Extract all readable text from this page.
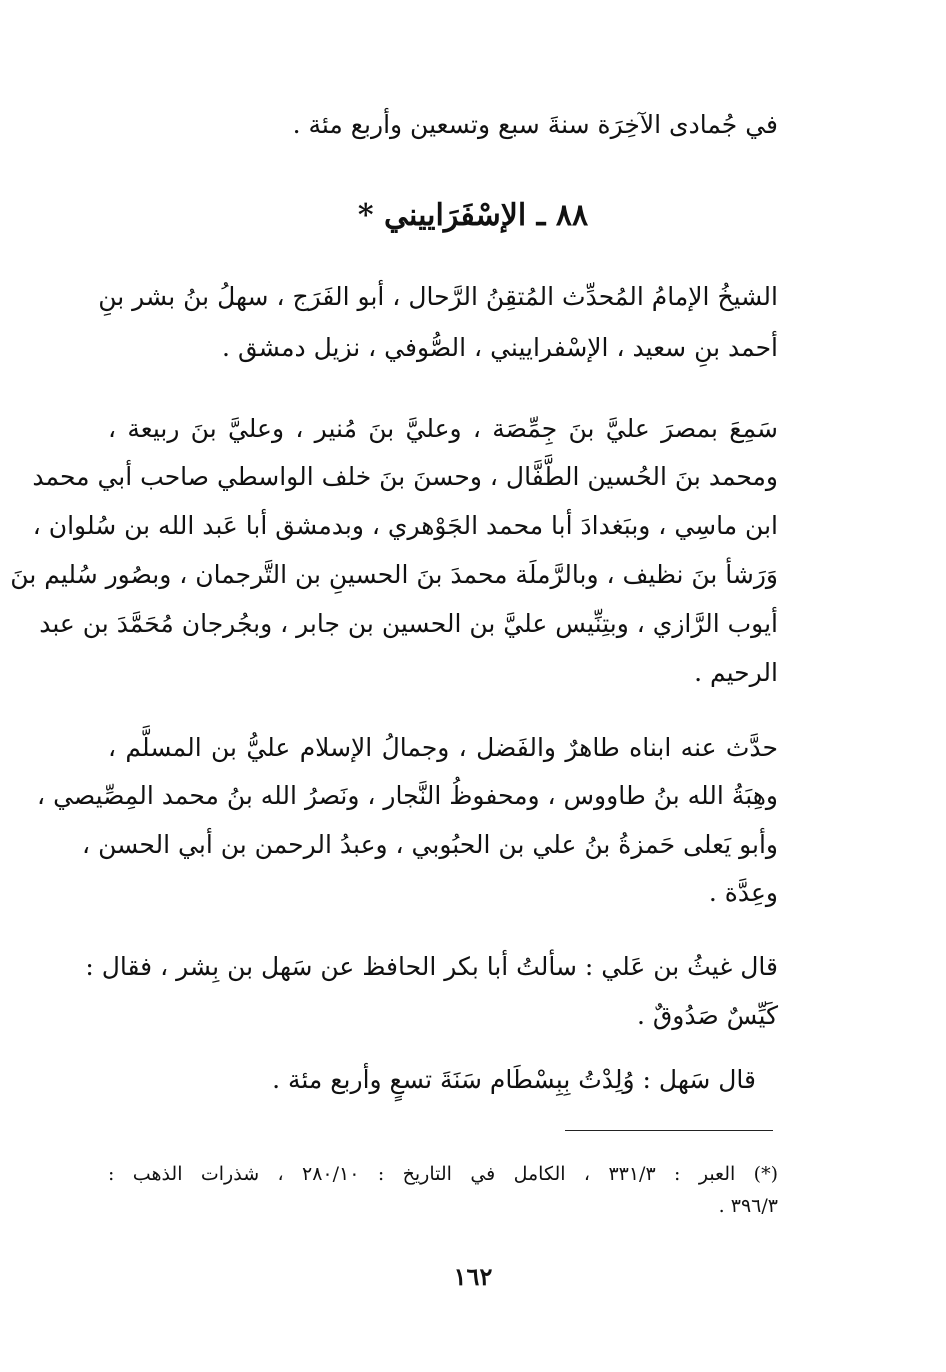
في جُمادى الآخِرَة سنةَ سبع وتسعين وأربع مئة .
٨٨ ـ الإسْفَرَاييني *
الشيخُ الإمامُ المُحدِّث المُتقِنُ الرَّحال ، أبو الفَرَج ، سهلُ بنُ بشر بنِ
أحمد بنِ سعيد ، الإسْفراييني ، الصُّوفي ، نزيل دمشق .
سَمِعَ بمصرَ عليَّ بنَ جِمِّصَة ، وعليَّ بنَ مُنير ، وعليَّ بنَ ربيعة ،
ومحمد بنَ الحُسين الطَّفَّال ، وحسنَ بنَ خلف الواسطي صاحب أبي محمد
ابن ماسِي ، وببَغدادَ أبا محمد الجَوْهري ، وبدمشق أبا عَبد الله بن سُلوان ،
وَرَشأ بنَ نظيف ، وبالرَّملَة محمدَ بنَ الحسينِ بن التَّرجمان ، وبصُور سُليم بنَ
أيوب الرَّازي ، وبتِنِّيس عليَّ بن الحسين بن جابر ، وبجُرجان مُحَمَّدَ بن عبد
الرحيم .
حدَّث عنه ابناه طاهرٌ والفَضل ، وجمالُ الإسلام عليُّ بن المسلَّم ،
وهِبَةُ الله بنُ طاووس ، ومحفوظُ النَّجار ، ونَصرُ الله بنُ محمد المِصِّيصي ،
وأبو يَعلى حَمزةُ بنُ علي بن الحبُوبي ، وعبدُ الرحمن بن أبي الحسن ،
وعِدَّة .
قال غيثُ بن عَلي : سألتُ أبا بكر الحافظ عن سَهل بن بِشر ، فقال :
كَيِّسٌ صَدُوقٌ .
قال سَهل : وُلِدْتُ بِبِسْطَام سَنَةَ تسعٍ وأربع مئة .
(*) العبر : ٣٣١/٣ ، الكامل في التاريخ : ٢٨٠/١٠ ، شذرات الذهب :
٣٩٦/٣ .
١٦٢
